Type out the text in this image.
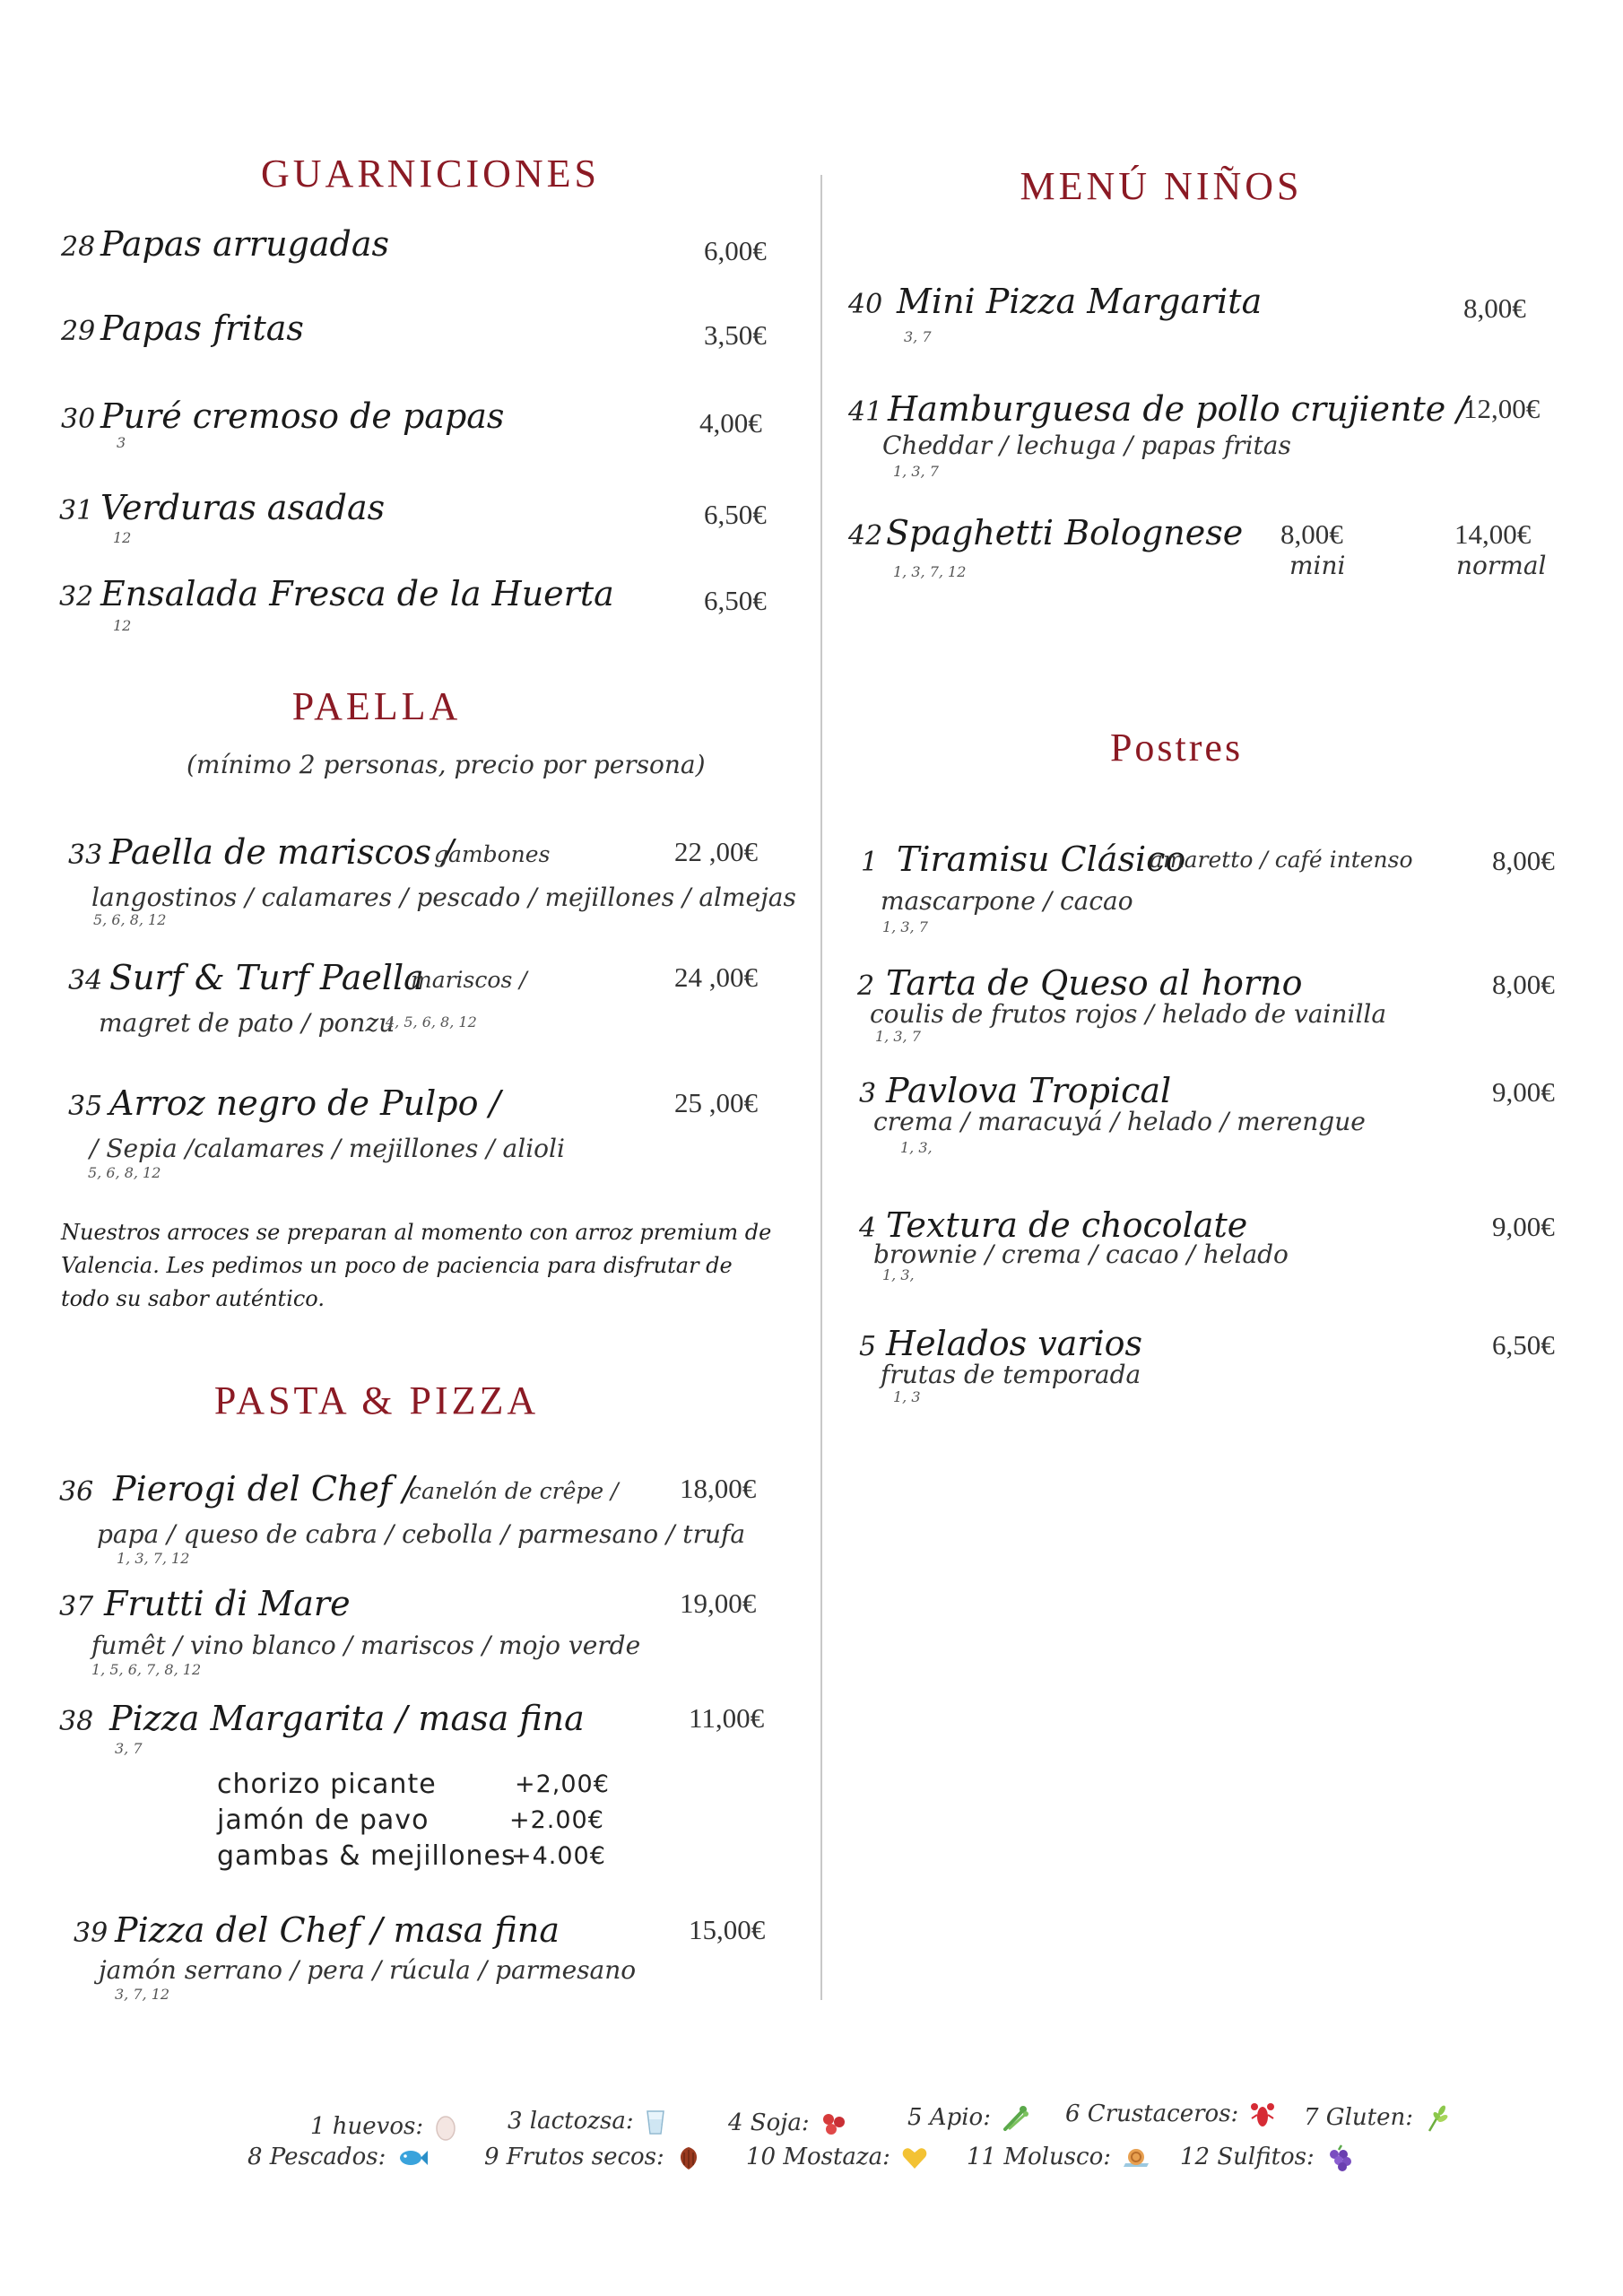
GUARNICIONES
28 Papas arrugadas	6,00€
29 Papas fritas	3,50€
30 Puré cremoso de papas
3
4,00€
31 Verduras asadas
12
6,50€
32 Ensalada Fresca de la Huerta
12
6,50€
PAELLA
(mínimo 2 personas, precio por persona)
33 Paella de mariscos /
gambones	22 ,00€
langostinos / calamares / pescado / mejillones / almejas
5, 6, 8, 12
34 Surf & Turf Paella
mariscos /	24 ,00€
magret de pato / ponzu
4, 5, 6, 8, 12
35 Arroz negro de Pulpo /	25 ,00€
/ Sepia /calamares / mejillones / alioli
5, 6, 8, 12
Nuestros arroces se preparan al momento con arroz premium de Valencia. Les pedimos un poco de paciencia para disfrutar de todo su sabor auténtico.
PASTA & PIZZA
36 Pierogi del Chef /
canelón de crêpe / 18,00€
papa / queso de cabra / cebolla / parmesano / trufa
1, 3, 7, 12
37 Frutti di Mare	19,00€
fumêt / vino blanco / mariscos / mojo verde
1, 5, 6, 7, 8, 12
38 Pizza Margarita / masa fina	11,00€
3, 7
chorizo picante	+2,00€
jamón de pavo	+2.00€
gambas & mejillones
+4.00€
39 Pizza del Chef / masa fina	15,00€
jamón serrano / pera / rúcula / parmesano
3, 7, 12
MENÚ NIÑOS
40 Mini Pizza Margarita
3, 7
8,00€
41 Hamburguesa de pollo crujiente /
12,00€
Cheddar / lechuga / papas fritas
1, 3, 7
42 Spaghetti Bolognese 8,00€
mini
14,00€
normal
1, 3, 7, 12
Postres
1 Tiramisu Clásico
amaretto / café intenso	8,00€
mascarpone / cacao
1, 3, 7
2 Tarta de Queso al horno	8,00€
coulis de frutos rojos / helado de vainilla
1, 3, 7
3 Pavlova Tropical	9,00€
crema / maracuyá / helado / merengue
1, 3,
4 Textura de chocolate	9,00€
brownie / crema / cacao / helado
1, 3,
5 Helados varios	6,50€
frutas de temporada
1, 3
1 huevos:	3 lactozsa:	4 Soja:	5 Apio:	6 Crustaceros:	7 Gluten:
8 Pescados:	9 Frutos secos:	10 Mostaza:	11 Molusco:	12 Sulfitos:
